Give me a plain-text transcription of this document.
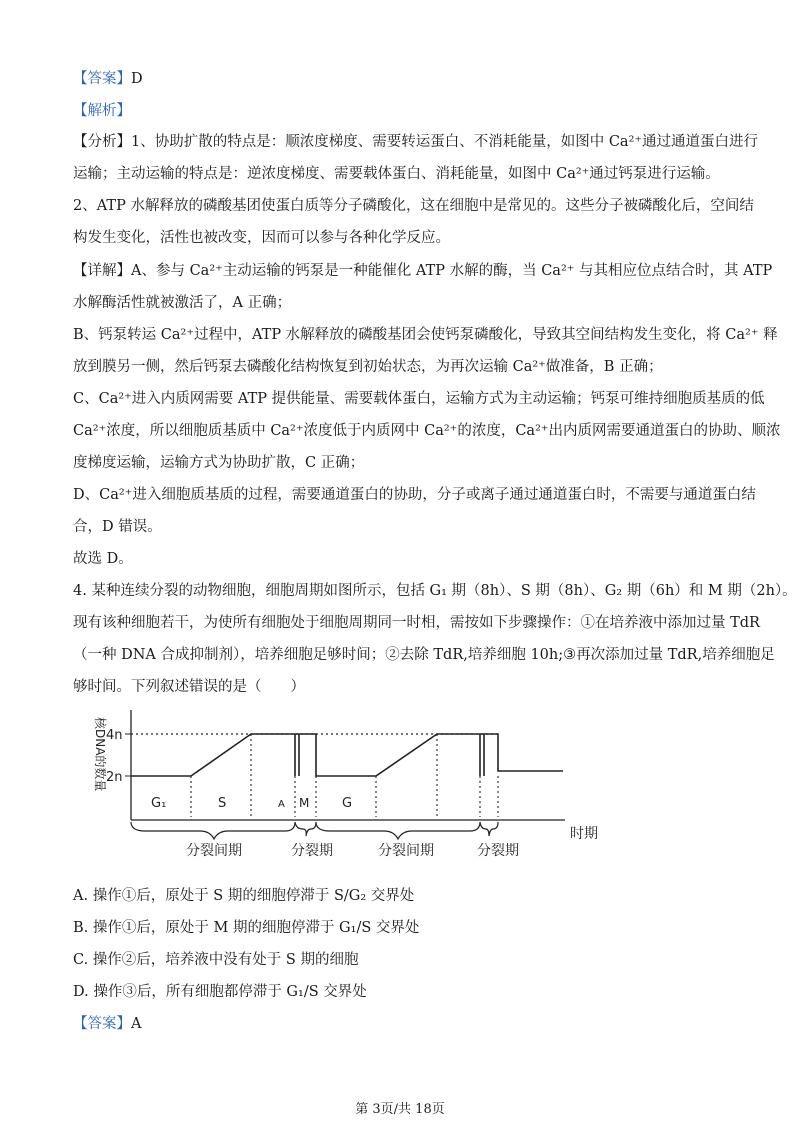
【答案】D
【解析】
【分析】1、协助扩散的特点是：顺浓度梯度、需要转运蛋白、不消耗能量，如图中 Ca²⁺通过通道蛋白进行
运输；主动运输的特点是：逆浓度梯度、需要载体蛋白、消耗能量，如图中 Ca²⁺通过钙泵进行运输。
2、ATP 水解释放的磷酸基团使蛋白质等分子磷酸化，这在细胞中是常见的。这些分子被磷酸化后，空间结
构发生变化，活性也被改变，因而可以参与各种化学反应。
【详解】A、参与 Ca²⁺主动运输的钙泵是一种能催化 ATP 水解的酶，当 Ca²⁺ 与其相应位点结合时，其 ATP
水解酶活性就被激活了，A 正确；
B、钙泵转运 Ca²⁺过程中，ATP 水解释放的磷酸基团会使钙泵磷酸化，导致其空间结构发生变化，将 Ca²⁺ 释
放到膜另一侧，然后钙泵去磷酸化结构恢复到初始状态，为再次运输 Ca²⁺做准备，B 正确；
C、Ca²⁺进入内质网需要 ATP 提供能量、需要载体蛋白，运输方式为主动运输；钙泵可维持细胞质基质的低
Ca²⁺浓度，所以细胞质基质中 Ca²⁺浓度低于内质网中 Ca²⁺的浓度，Ca²⁺出内质网需要通道蛋白的协助、顺浓
度梯度运输，运输方式为协助扩散，C 正确；
D、Ca²⁺进入细胞质基质的过程，需要通道蛋白的协助，分子或离子通过通道蛋白时，不需要与通道蛋白结
合，D 错误。
故选 D。
4. 某种连续分裂的动物细胞，细胞周期如图所示，包括 G₁ 期（8h）、S 期（8h）、G₂ 期（6h）和 M 期（2h）。
现有该种细胞若干，为使所有细胞处于细胞周期同一时相，需按如下步骤操作：①在培养液中添加过量 TdR
（一种 DNA 合成抑制剂），培养细胞足够时间；②去除 TdR,培养细胞 10h;③再次添加过量 TdR,培养细胞足
够时间。下列叙述错误的是（　　）
4n
2n
核DNA的数量
G₁	S	A M	G
分裂间期	分裂期	分裂间期	分裂期
时期
A. 操作①后，原处于 S 期的细胞停滞于 S/G₂ 交界处
B. 操作①后，原处于 M 期的细胞停滞于 G₁/S 交界处
C. 操作②后，培养液中没有处于 S 期的细胞
D. 操作③后，所有细胞都停滞于 G₁/S 交界处
【答案】A
第 3页/共 18页
